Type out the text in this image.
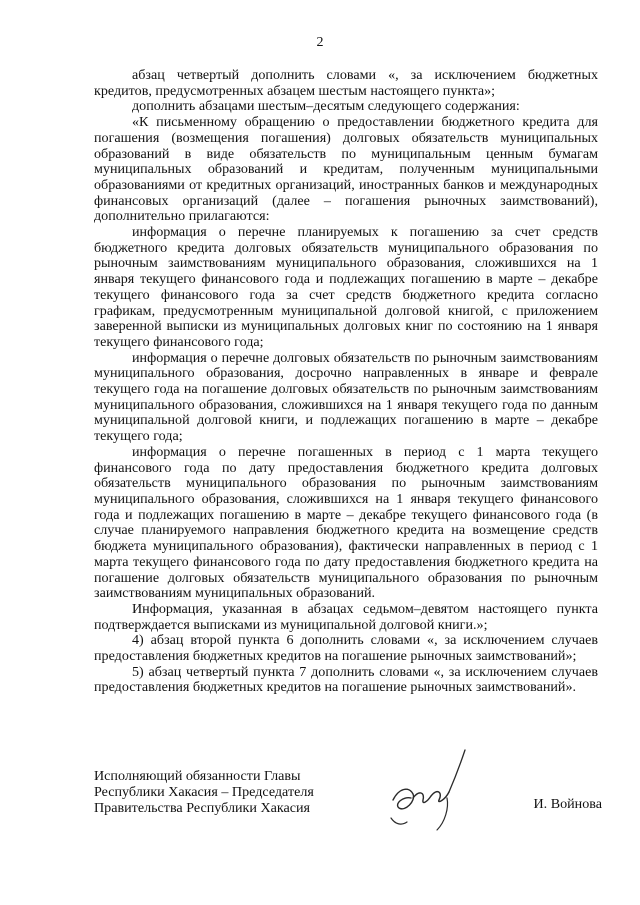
2

абзац четвертый дополнить словами «, за исключением бюджетных кредитов, предусмотренных абзацем шестым настоящего пункта»;

дополнить абзацами шестым–десятым следующего содержания:

«К письменному обращению о предоставлении бюджетного кредита для погашения (возмещения погашения) долговых обязательств муниципальных образований в виде обязательств по муниципальным ценным бумагам муниципальных образований и кредитам, полученным муниципальными образованиями от кредитных организаций, иностранных банков и международных финансовых организаций (далее – погашения рыночных заимствований), дополнительно прилагаются:

информация о перечне планируемых к погашению за счет средств бюджетного кредита долговых обязательств муниципального образования по рыночным заимствованиям муниципального образования, сложившихся на 1 января текущего финансового года и подлежащих погашению в марте – декабре текущего финансового года за счет средств бюджетного кредита согласно графикам, предусмотренным муниципальной долговой книгой, с приложением заверенной выписки из муниципальных долговых книг по состоянию на 1 января текущего финансового года;

информация о перечне долговых обязательств по рыночным заимствованиям муниципального образования, досрочно направленных в январе и феврале текущего года на погашение долговых обязательств по рыночным заимствованиям муниципального образования, сложившихся на 1 января текущего года по данным муниципальной долговой книги, и подлежащих погашению в марте – декабре текущего года;

информация о перечне погашенных в период с 1 марта текущего финансового года по дату предоставления бюджетного кредита долговых обязательств муниципального образования по рыночным заимствованиям муниципального образования, сложившихся на 1 января текущего финансового года и подлежащих погашению в марте – декабре текущего финансового года (в случае планируемого направления бюджетного кредита на возмещение средств бюджета муниципального образования), фактически направленных в период с 1 марта текущего финансового года по дату предоставления бюджетного кредита на погашение долговых обязательств муниципального образования по рыночным заимствованиям муниципальных образований.

Информация, указанная в абзацах седьмом–девятом настоящего пункта подтверждается выписками из муниципальной долговой книги.»;

4) абзац второй пункта 6 дополнить словами «, за исключением случаев предоставления бюджетных кредитов на погашение рыночных заимствований»;

5) абзац четвертый пункта 7 дополнить словами «, за исключением случаев предоставления бюджетных кредитов на погашение рыночных заимствований».

Исполняющий обязанности Главы
Республики Хакасия – Председателя
Правительства Республики Хакасия	И. Войнова
